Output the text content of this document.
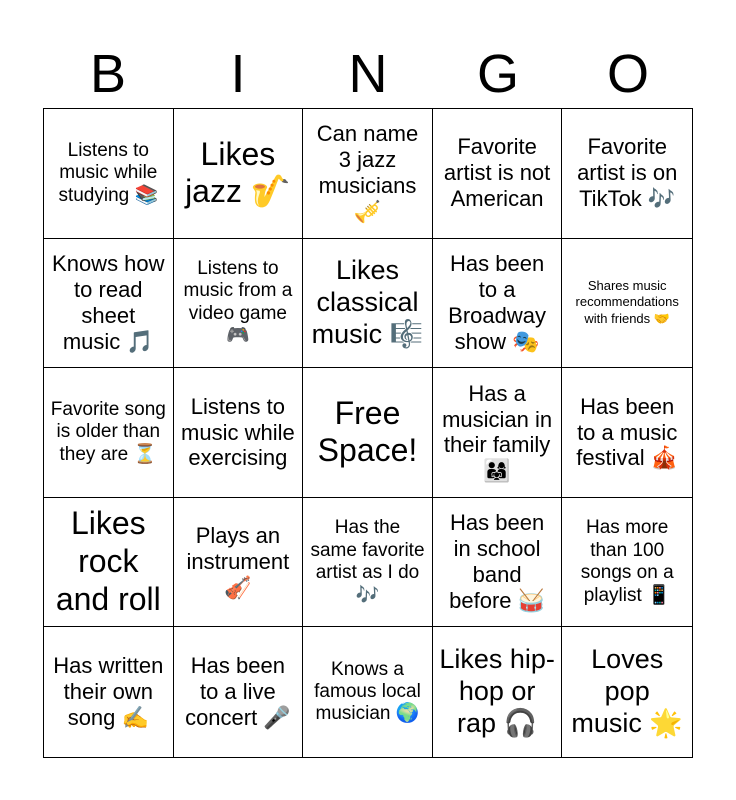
B	I	N	G	O
Listens to music while studying 📚
Likes jazz 🎷
Can name 3 jazz musicians 🎺
Favorite artist is not American
Favorite artist is on TikTok 🎶
Knows how to read sheet music 🎵
Listens to music from a video game 🎮
Likes classical music 🎼
Has been to a Broadway show 🎭
Shares music recommendations with friends 🤝
Favorite song is older than they are ⏳
Listens to music while exercising
Free Space!
Has a musician in their family 👨‍👩‍👧
Has been to a music festival 🎪
Likes rock and roll
Plays an instrument 🎻
Has the same favorite artist as I do 🎶
Has been in school band before 🥁
Has more than 100 songs on a playlist 📱
Has written their own song ✍️
Has been to a live concert 🎤
Knows a famous local musician 🌍
Likes hip-hop or rap 🎧
Loves pop music 🌟
